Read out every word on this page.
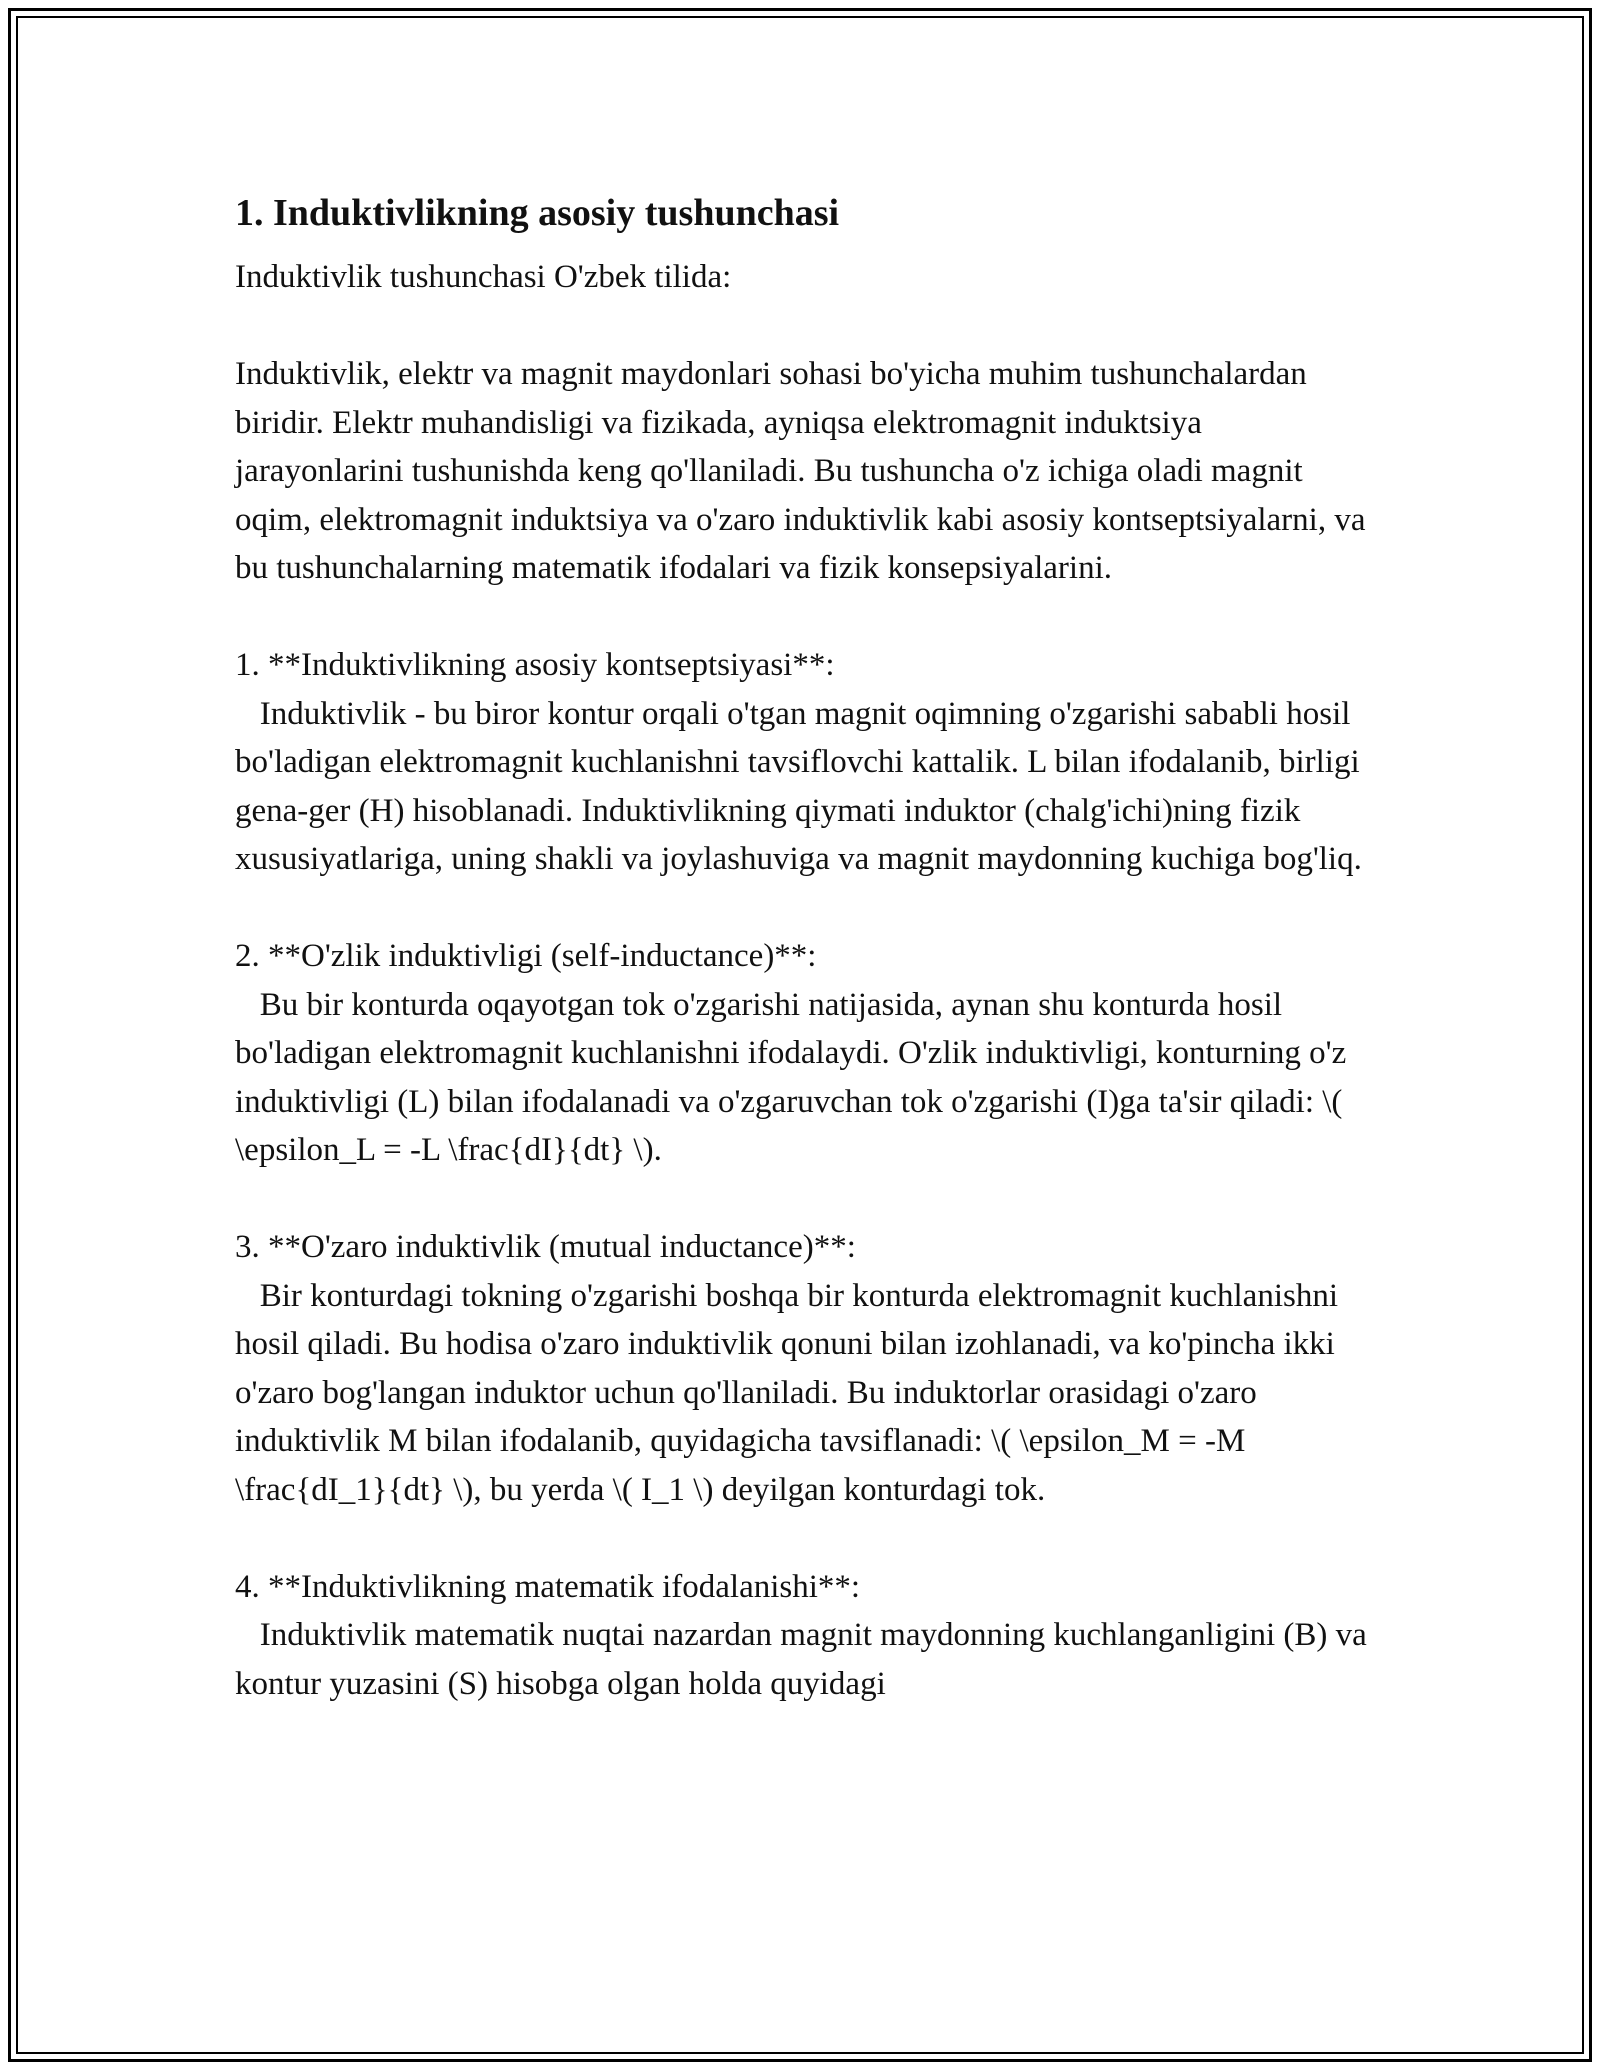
1. Induktivlikning asosiy tushunchasi

Induktivlik tushunchasi O'zbek tilida:

Induktivlik, elektr va magnit maydonlari sohasi bo'yicha muhim tushunchalardan biridir. Elektr muhandisligi va fizikada, ayniqsa elektromagnit induktsiya jarayonlarini tushunishda keng qo'llaniladi. Bu tushuncha o'z ichiga oladi magnit oqim, elektromagnit induktsiya va o'zaro induktivlik kabi asosiy kontseptsiyalarni, va bu tushunchalarning matematik ifodalari va fizik konsepsiyalarini.

1. **Induktivlikning asosiy kontseptsiyasi**:

Induktivlik - bu biror kontur orqali o'tgan magnit oqimning o'zgarishi sababli hosil bo'ladigan elektromagnit kuchlanishni tavsiflovchi kattalik. L bilan ifodalanib, birligi gena-ger (H) hisoblanadi. Induktivlikning qiymati induktor (chalg'ichi)ning fizik xususiyatlariga, uning shakli va joylashuviga va magnit maydonning kuchiga bog'liq.

2. **O'zlik induktivligi (self-inductance)**:

Bu bir konturda oqayotgan tok o'zgarishi natijasida, aynan shu konturda hosil bo'ladigan elektromagnit kuchlanishni ifodalaydi. O'zlik induktivligi, konturning o'z induktivligi (L) bilan ifodalanadi va o'zgaruvchan tok o'zgarishi (I)ga ta'sir qiladi: \( \epsilon_L = -L \frac{dI}{dt} \).

3. **O'zaro induktivlik (mutual inductance)**:

Bir konturdagi tokning o'zgarishi boshqa bir konturda elektromagnit kuchlanishni hosil qiladi. Bu hodisa o'zaro induktivlik qonuni bilan izohlanadi, va ko'pincha ikki o'zaro bog'langan induktor uchun qo'llaniladi. Bu induktorlar orasidagi o'zaro induktivlik M bilan ifodalanib, quyidagicha tavsiflanadi: \( \epsilon_M = -M \frac{dI_1}{dt} \), bu yerda \( I_1 \) deyilgan konturdagi tok.

4. **Induktivlikning matematik ifodalanishi**:

Induktivlik matematik nuqtai nazardan magnit maydonning kuchlanganligini (B) va kontur yuzasini (S) hisobga olgan holda quyidagi
